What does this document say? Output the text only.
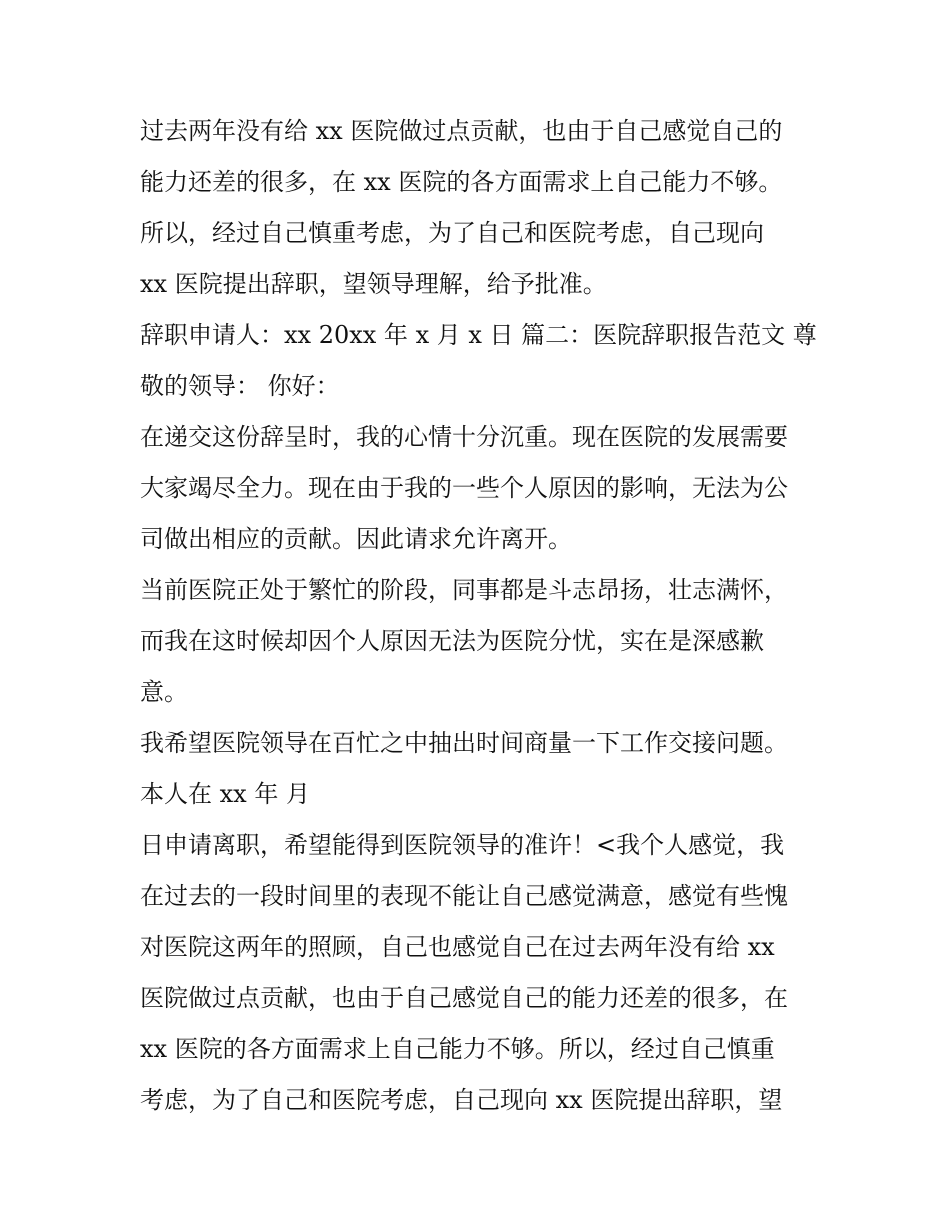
过去两年没有给 xx 医院做过点贡献，也由于自己感觉自己的
能力还差的很多，在 xx 医院的各方面需求上自己能力不够。
所以，经过自己慎重考虑，为了自己和医院考虑，自己现向
xx 医院提出辞职，望领导理解，给予批准。
辞职申请人：xx 20xx 年 x 月 x 日 篇二：医院辞职报告范文 尊
敬的领导： 你好：
在递交这份辞呈时，我的心情十分沉重。现在医院的发展需要
大家竭尽全力。现在由于我的一些个人原因的影响，无法为公
司做出相应的贡献。因此请求允许离开。
当前医院正处于繁忙的阶段，同事都是斗志昂扬，壮志满怀，
而我在这时候却因个人原因无法为医院分忧，实在是深感歉
意。
我希望医院领导在百忙之中抽出时间商量一下工作交接问题。
本人在 xx 年 月
日申请离职，希望能得到医院领导的准许！<我个人感觉，我
在过去的一段时间里的表现不能让自己感觉满意，感觉有些愧
对医院这两年的照顾，自己也感觉自己在过去两年没有给 xx
医院做过点贡献，也由于自己感觉自己的能力还差的很多，在
xx 医院的各方面需求上自己能力不够。所以，经过自己慎重
考虑，为了自己和医院考虑，自己现向 xx 医院提出辞职，望
